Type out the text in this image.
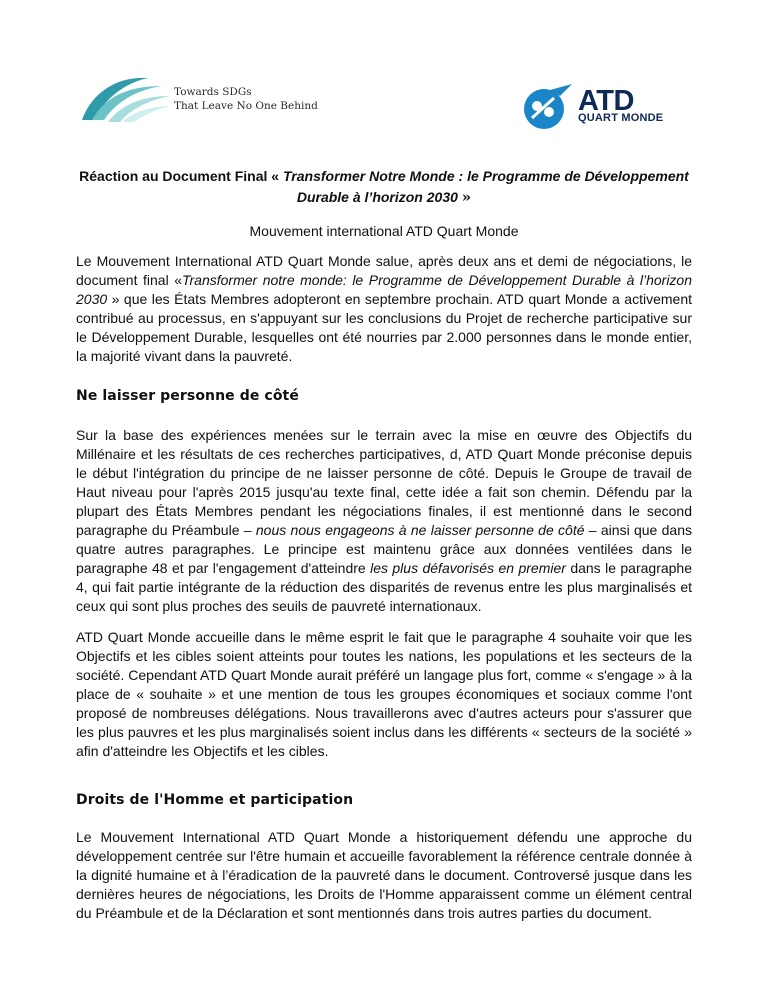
Towards SDGs
That Leave No One Behind	ATD
QUART MONDE
Réaction au Document Final « Transformer Notre Monde : le Programme de Développement Durable à l’horizon 2030 »
Mouvement international ATD Quart Monde

Le Mouvement International ATD Quart Monde salue, après deux ans et demi de négociations, le document final «Transformer notre monde: le Programme de Développement Durable à l’horizon 2030 » que les États Membres adopteront en septembre prochain. ATD quart Monde a activement contribué au processus, en s'appuyant sur les conclusions du Projet de recherche participative sur le Développement Durable, lesquelles ont été nourries par 2.000 personnes dans le monde entier, la majorité vivant dans la pauvreté.

Ne laisser personne de côté

Sur la base des expériences menées sur le terrain avec la mise en œuvre des Objectifs du Millénaire et les résultats de ces recherches participatives, d, ATD Quart Monde préconise depuis le début l'intégration du principe de ne laisser personne de côté. Depuis le Groupe de travail de Haut niveau pour l'après 2015 jusqu'au texte final, cette idée a fait son chemin. Défendu par la plupart des États Membres pendant les négociations finales, il est mentionné dans le second paragraphe du Préambule – nous nous engageons à ne laisser personne de côté – ainsi que dans quatre autres paragraphes. Le principe est maintenu grâce aux données ventilées dans le paragraphe 48 et par l'engagement d'atteindre les plus défavorisés en premier dans le paragraphe 4, qui fait partie intégrante de la réduction des disparités de revenus entre les plus marginalisés et ceux qui sont plus proches des seuils de pauvreté internationaux.

ATD Quart Monde accueille dans le même esprit le fait que le paragraphe 4 souhaite voir que les Objectifs et les cibles soient atteints pour toutes les nations, les populations et les secteurs de la société. Cependant ATD Quart Monde aurait préféré un langage plus fort, comme « s'engage » à la place de « souhaite » et une mention de tous les groupes économiques et sociaux comme l'ont proposé de nombreuses délégations. Nous travaillerons avec d'autres acteurs pour s'assurer que les plus pauvres et les plus marginalisés soient inclus dans les différents « secteurs de la société » afin d'atteindre les Objectifs et les cibles.

Droits de l'Homme et participation

Le Mouvement International ATD Quart Monde a historiquement défendu une approche du développement centrée sur l'être humain et accueille favorablement la référence centrale donnée à la dignité humaine et à l’éradication de la pauvreté dans le document. Controversé jusque dans les dernières heures de négociations, les Droits de l'Homme apparaissent comme un élément central du Préambule et de la Déclaration et sont mentionnés dans trois autres parties du document.
